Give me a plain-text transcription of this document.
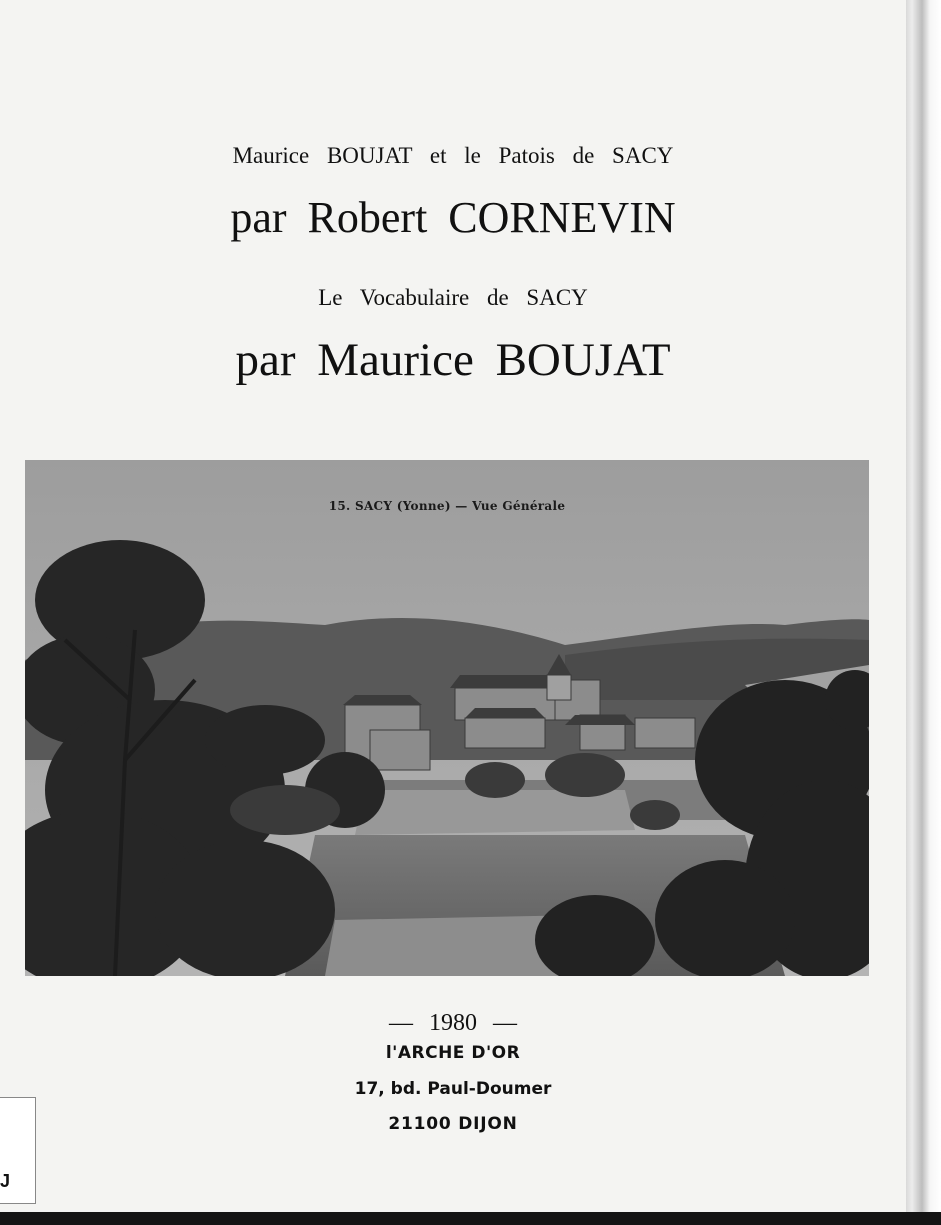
Maurice BOUJAT et le Patois de SACY
par Robert CORNEVIN
Le Vocabulaire de SACY
par Maurice BOUJAT
15. SACY (Yonne) — Vue Générale
— 1980 —
l'ARCHE D'OR
17, bd. Paul-Doumer
21100 DIJON
J
